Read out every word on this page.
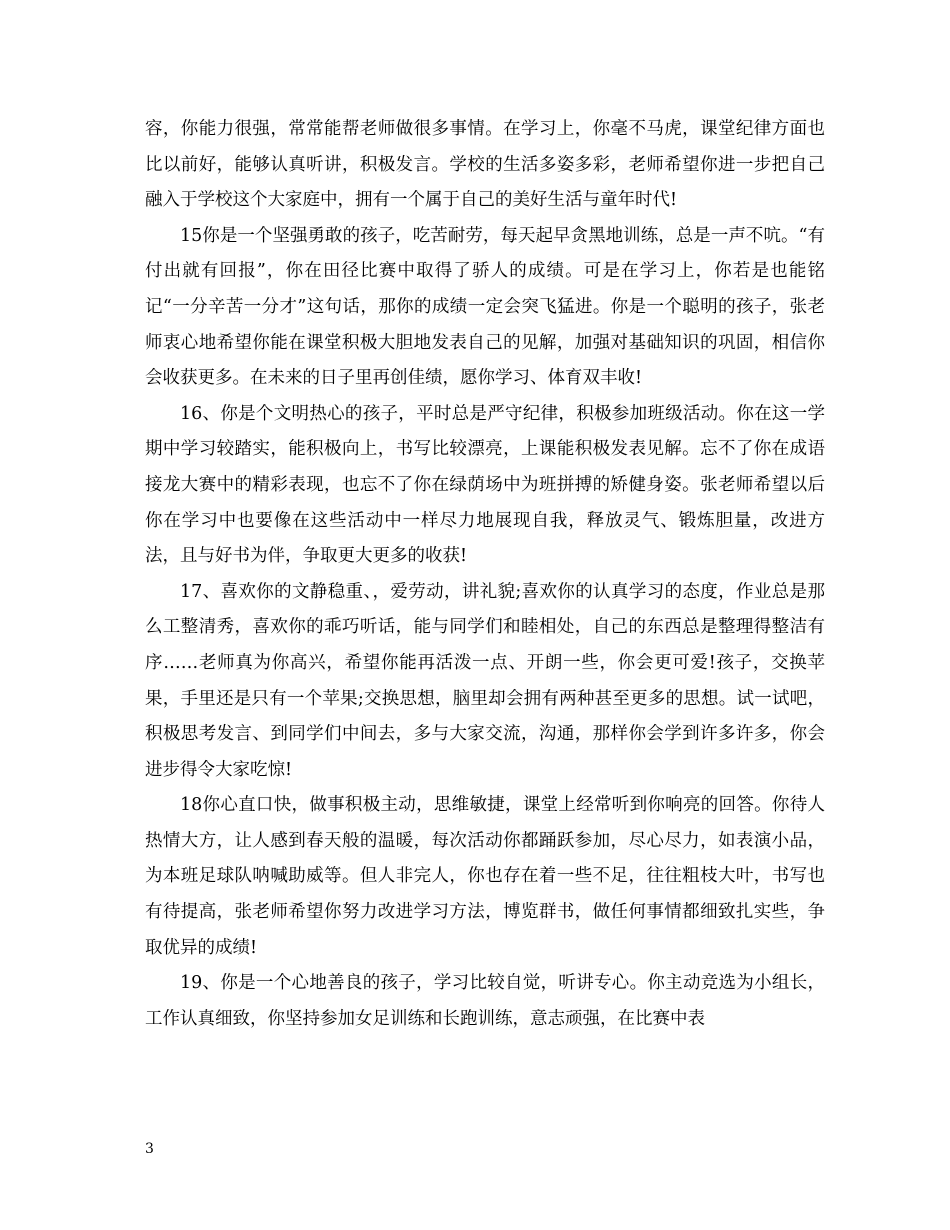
容，你能力很强，常常能帮老师做很多事情。在学习上，你毫不马虎，课堂纪律方面也比以前好，能够认真听讲，积极发言。学校的生活多姿多彩，老师希望你进一步把自己融入于学校这个大家庭中，拥有一个属于自己的美好生活与童年时代!

15你是一个坚强勇敢的孩子，吃苦耐劳，每天起早贪黑地训练，总是一声不吭。“有付出就有回报”，你在田径比赛中取得了骄人的成绩。可是在学习上，你若是也能铭记“一分辛苦一分才”这句话，那你的成绩一定会突飞猛进。你是一个聪明的孩子，张老师衷心地希望你能在课堂积极大胆地发表自己的见解，加强对基础知识的巩固，相信你会收获更多。在未来的日子里再创佳绩，愿你学习、体育双丰收!

16、你是个文明热心的孩子，平时总是严守纪律，积极参加班级活动。你在这一学期中学习较踏实，能积极向上，书写比较漂亮，上课能积极发表见解。忘不了你在成语接龙大赛中的精彩表现，也忘不了你在绿荫场中为班拼搏的矫健身姿。张老师希望以后你在学习中也要像在这些活动中一样尽力地展现自我，释放灵气、锻炼胆量，改进方法，且与好书为伴，争取更大更多的收获!

17、喜欢你的文静稳重、，爱劳动，讲礼貌;喜欢你的认真学习的态度，作业总是那么工整清秀，喜欢你的乖巧听话，能与同学们和睦相处，自己的东西总是整理得整洁有序……老师真为你高兴，希望你能再活泼一点、开朗一些，你会更可爱!孩子，交换苹果，手里还是只有一个苹果;交换思想，脑里却会拥有两种甚至更多的思想。试一试吧，积极思考发言、到同学们中间去，多与大家交流，沟通，那样你会学到许多许多，你会进步得令大家吃惊!

18你心直口快，做事积极主动，思维敏捷，课堂上经常听到你响亮的回答。你待人热情大方，让人感到春天般的温暖，每次活动你都踊跃参加，尽心尽力，如表演小品，为本班足球队呐喊助威等。但人非完人，你也存在着一些不足，往往粗枝大叶，书写也有待提高，张老师希望你努力改进学习方法，博览群书，做任何事情都细致扎实些，争取优异的成绩!

19、你是一个心地善良的孩子，学习比较自觉，听讲专心。你主动竞选为小组长，工作认真细致，你坚持参加女足训练和长跑训练，意志顽强，在比赛中表

3
